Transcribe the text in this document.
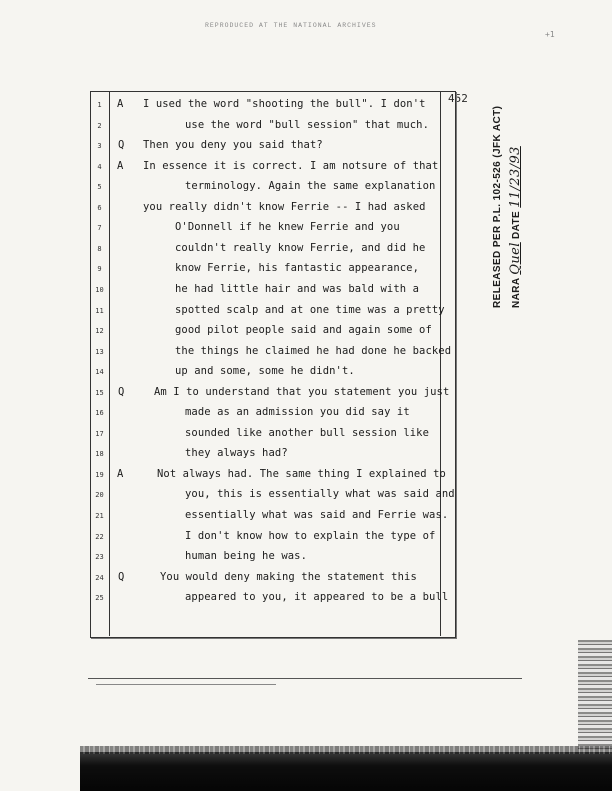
REPRODUCED AT THE NATIONAL ARCHIVES
+1
452
1	A I used the word "shooting the bull". I don't
2	use the word "bull session" that much.
3	Q Then you deny you said that?
4	A In essence it is correct. I am notsure of that
5	terminology. Again the same explanation
6	you really didn't know Ferrie -- I had asked
7	O'Donnell if he knew Ferrie and you
8	couldn't really know Ferrie, and did he
9	know Ferrie, his fantastic appearance,
10	he had little hair and was bald with a
11	spotted scalp and at one time was a pretty
12	good pilot people said and again some of
13	the things he claimed he had done he backed
14	up and some, some he didn't.
15	Q	Am I to understand that you statement you just
16	made as an admission you did say it
17	sounded like another bull session like
18	they always had?
19	A	Not always had. The same thing I explained to
20	you, this is essentially what was said and
21	essentially what was said and Ferrie was.
22	I don't know how to explain the type of
23	human being he was.
24	Q	You would deny making the statement this
25	appeared to you, it appeared to be a bull
RELEASED PER P.L. 102-526 (JFK ACT) NARA Quel DATE 11/23/93
